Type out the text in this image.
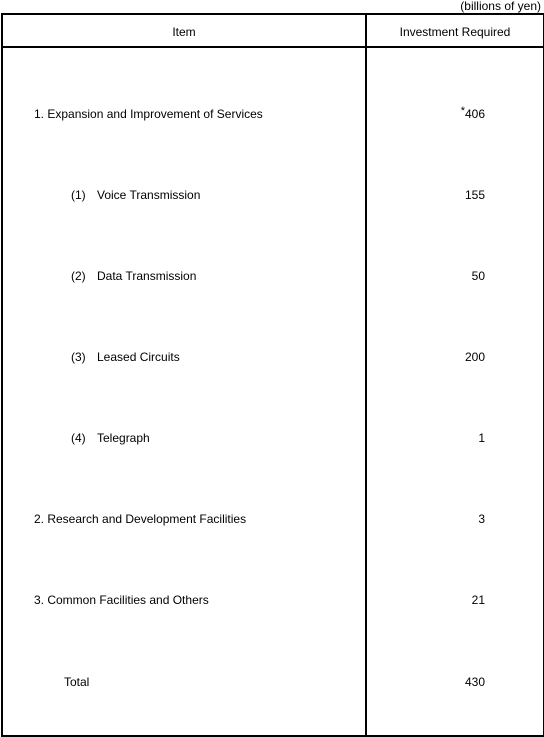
(billions of yen)
Item	Investment Required
1. Expansion and Improvement of Services	*406
(1) Voice Transmission	155
(2) Data Transmission	50
(3) Leased Circuits	200
(4) Telegraph	1
2. Research and Development Facilities	3
3. Common Facilities and Others	21
Total	430
